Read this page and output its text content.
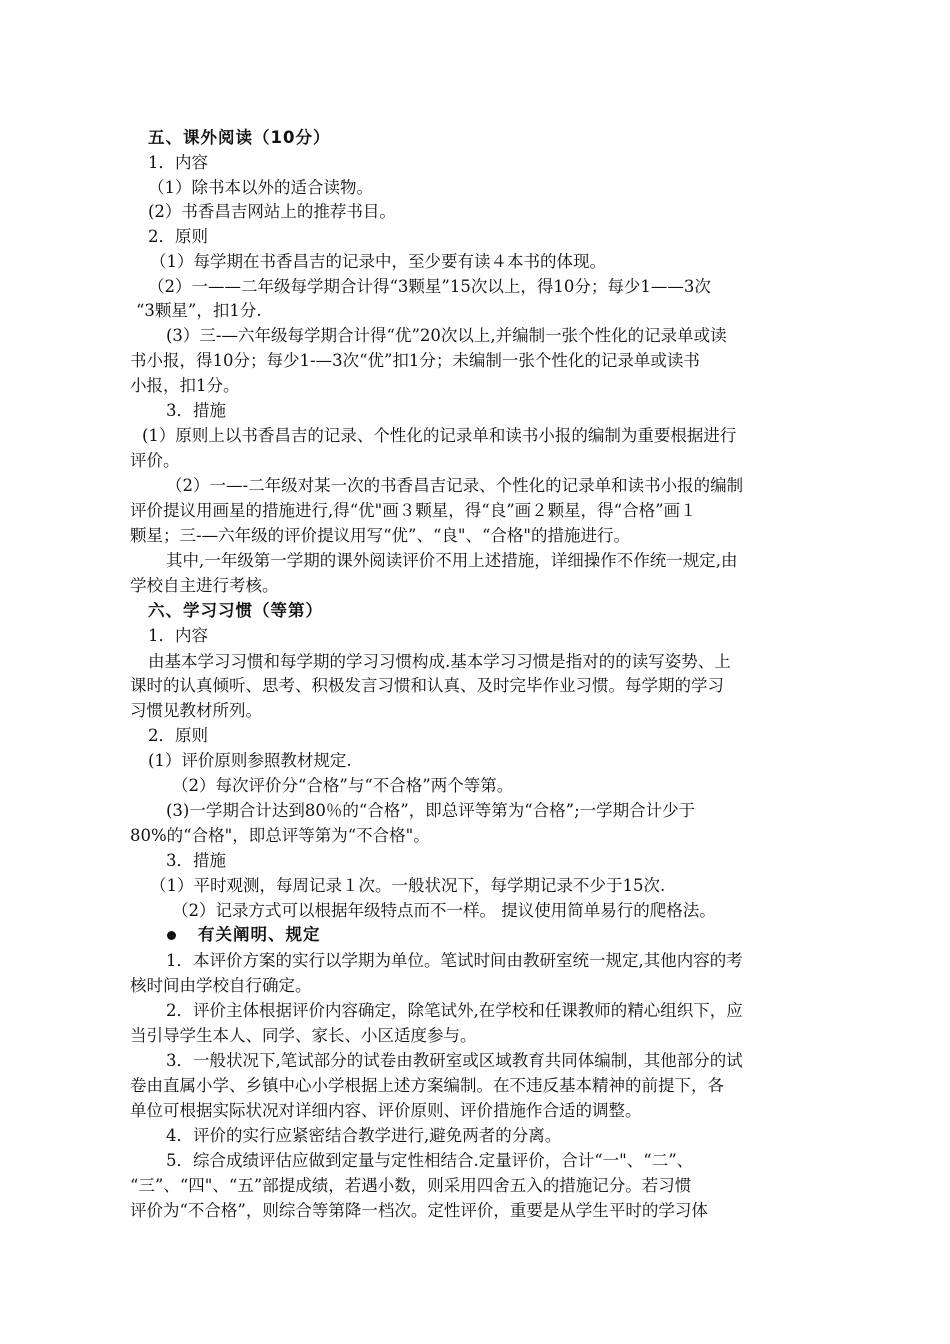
五、课外阅读（10分）
1．内容
（1）除书本以外的适合读物。
(2）书香昌吉网站上的推荐书目。
2．原则
（1）每学期在书香昌吉的记录中，至少要有读４本书的体现。
（2）一——二年级每学期合计得“3颗星”15次以上，得10分；每少1——3次
“3颗星”，扣1分.
(3）三-—六年级每学期合计得“优”20次以上,并编制一张个性化的记录单或读
书小报，得10分；每少1-—3次“优”扣1分；未编制一张个性化的记录单或读书
小报，扣1分。
3．措施
(1）原则上以书香昌吉的记录、个性化的记录单和读书小报的编制为重要根据进行
评价。
（2）一—-二年级对某一次的书香昌吉记录、个性化的记录单和读书小报的编制
评价提议用画星的措施进行,得“优"画３颗星，得“良”画２颗星，得“合格”画１
颗星；三-—六年级的评价提议用写“优”、“良"、“合格"的措施进行。
其中,一年级第一学期的课外阅读评价不用上述措施，详细操作不作统一规定,由
学校自主进行考核。
六、学习习惯（等第）
1．内容
由基本学习习惯和每学期的学习习惯构成.基本学习习惯是指对的的读写姿势、上
课时的认真倾听、思考、积极发言习惯和认真、及时完毕作业习惯。每学期的学习
习惯见教材所列。
2．原则
(1）评价原则参照教材规定.
（2）每次评价分“合格”与“不合格”两个等第。
(3)一学期合计达到80％的“合格”，即总评等第为“合格”;一学期合计少于
80%的“合格"，即总评等第为“不合格"。
3．措施
（1）平时观测，每周记录１次。一般状况下，每学期记录不少于15次.
（2）记录方式可以根据年级特点而不一样。 提议使用简单易行的爬格法。
有关阐明、规定
1．本评价方案的实行以学期为单位。笔试时间由教研室统一规定,其他内容的考
核时间由学校自行确定。
2．评价主体根据评价内容确定，除笔试外,在学校和任课教师的精心组织下，应
当引导学生本人、同学、家长、小区适度参与。
3．一般状况下,笔试部分的试卷由教研室或区域教育共同体编制，其他部分的试
卷由直属小学、乡镇中心小学根据上述方案编制。在不违反基本精神的前提下，各
单位可根据实际状况对详细内容、评价原则、评价措施作合适的调整。
4．评价的实行应紧密结合教学进行,避免两者的分离。
5．综合成绩评估应做到定量与定性相结合.定量评价，合计“一"、“二”、
“三”、“四"、“五”部提成绩，若遇小数，则采用四舍五入的措施记分。若习惯
评价为“不合格”，则综合等第降一档次。定性评价，重要是从学生平时的学习体
